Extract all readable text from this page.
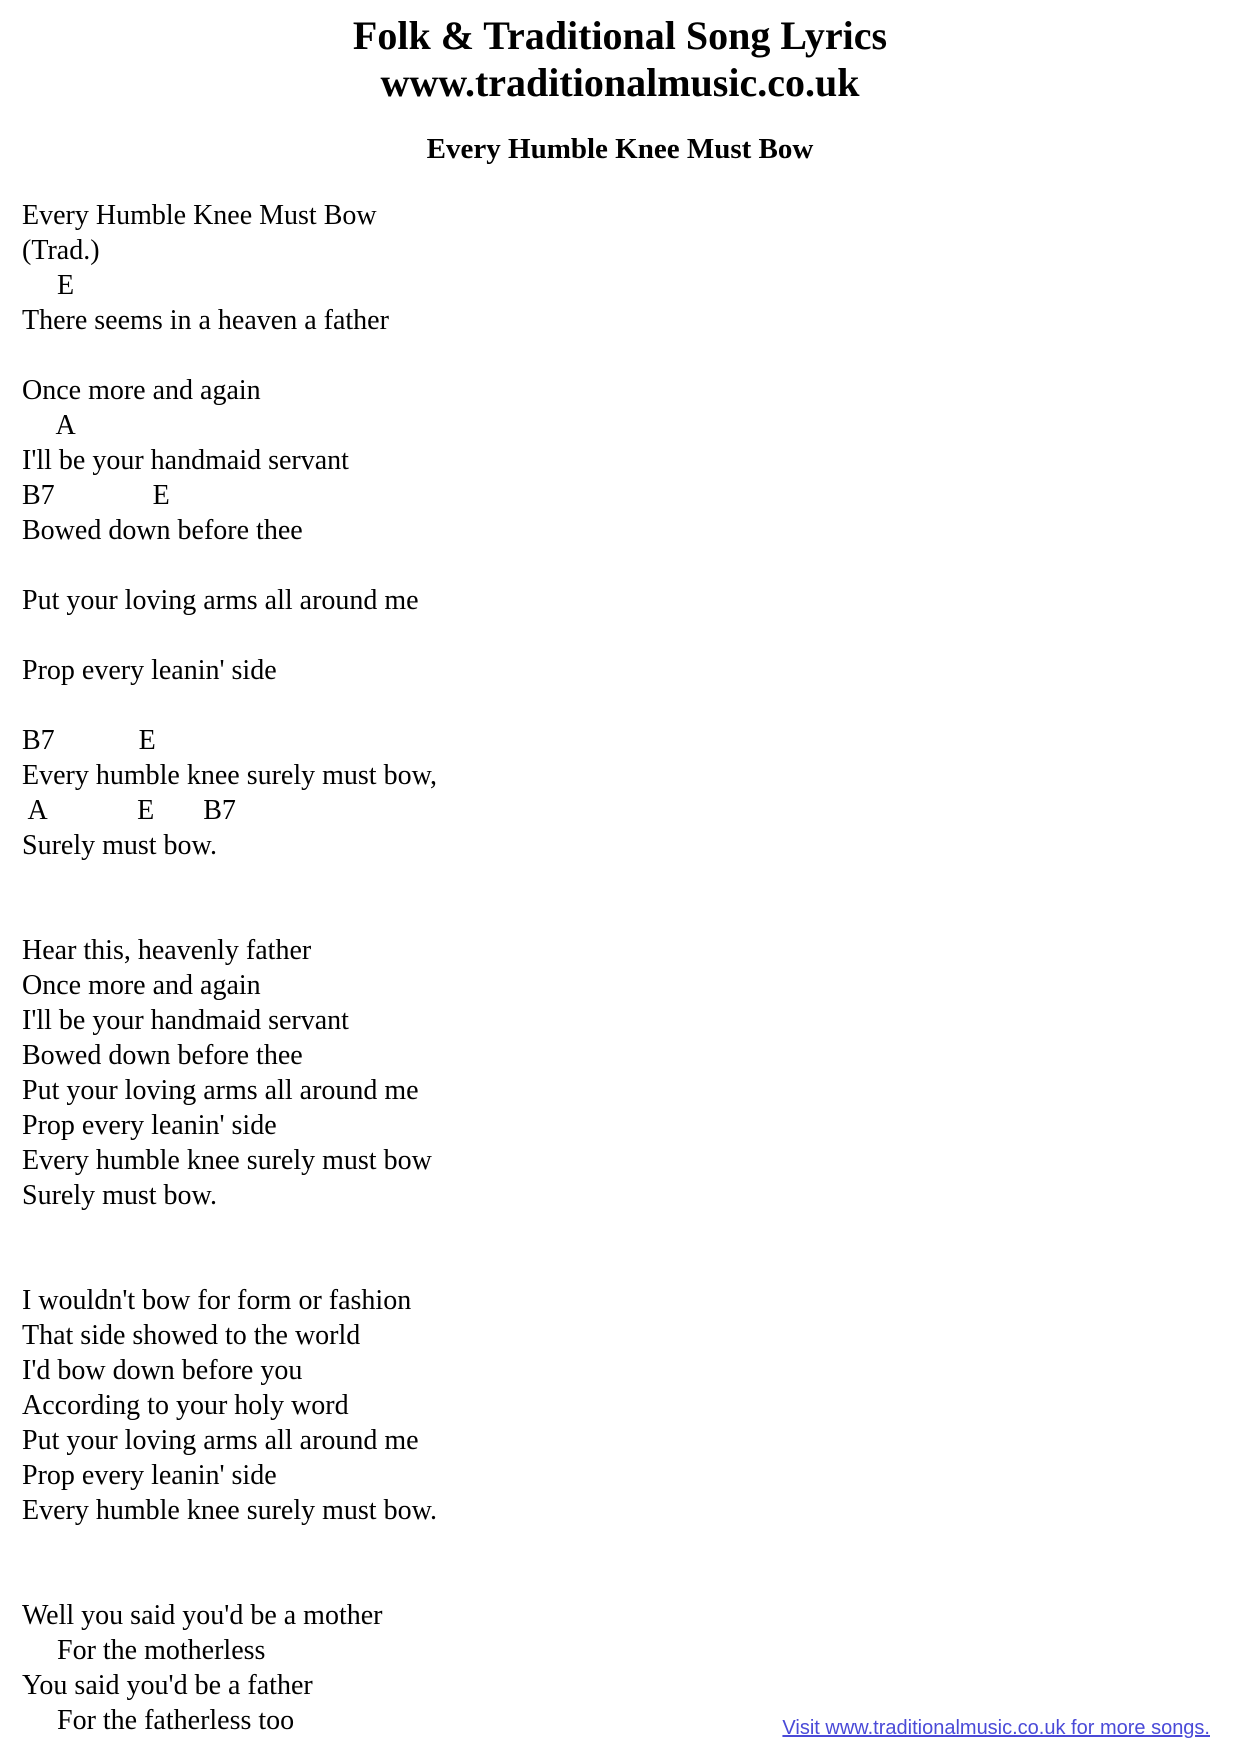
Folk & Traditional Song Lyrics
www.traditionalmusic.co.uk
Every Humble Knee Must Bow
Every Humble Knee Must Bow
(Trad.)
E
There seems in a heaven a father
Once more and again
A
I'll be your handmaid servant
B7              E
Bowed down before thee
Put your loving arms all around me
Prop every leanin' side
B7            E
Every humble knee surely must bow,
A             E       B7
Surely must bow.
Hear this, heavenly father
Once more and again
I'll be your handmaid servant
Bowed down before thee
Put your loving arms all around me
Prop every leanin' side
Every humble knee surely must bow
Surely must bow.
I wouldn't bow for form or fashion
That side showed to the world
I'd bow down before you
According to your holy word
Put your loving arms all around me
Prop every leanin' side
Every humble knee surely must bow.
Well you said you'd be a mother
For the motherless
You said you'd be a father
For the fatherless too	Visit www.traditionalmusic.co.uk for more songs.
